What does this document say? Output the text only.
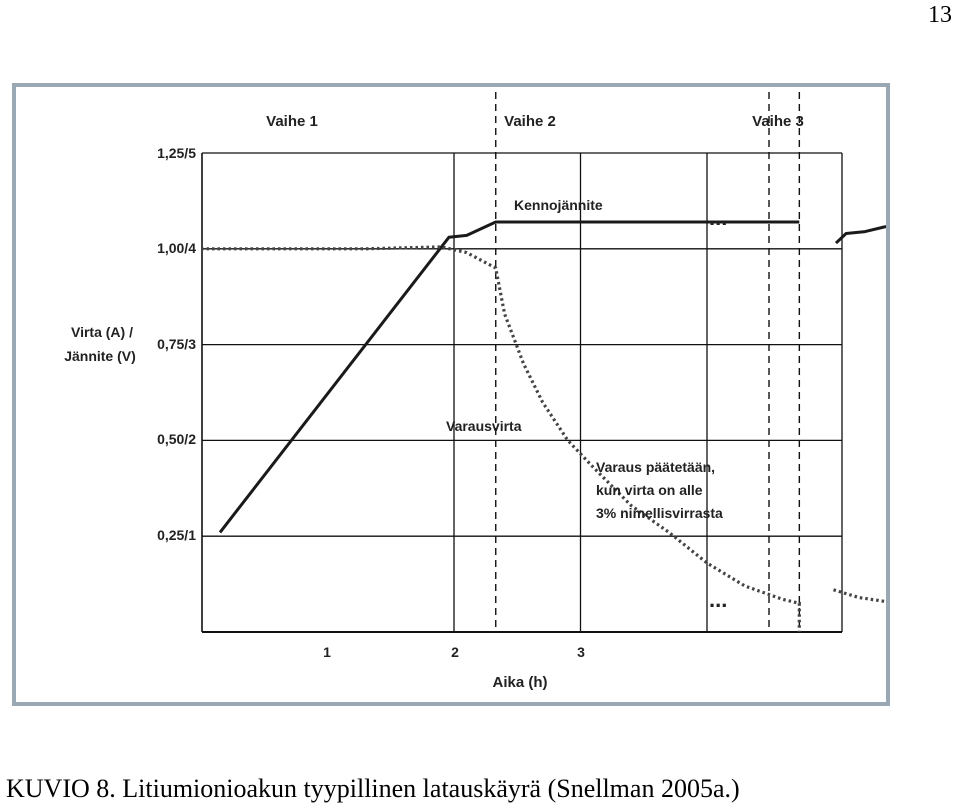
13
Vaihe 1	Vaihe 2	Vaihe 3
1,25/5
1,00/4
0,75/3
0,50/2
0,25/1
Virta (A) /
Jännite (V)
1	2	3
Aika (h)
Kennojännite
Varausvirta
Varaus päätetään,
kun virta on alle
3% nimellisvirrasta
...
...
KUVIO 8. Litiumionioakun tyypillinen latauskäyrä (Snellman 2005a.)
